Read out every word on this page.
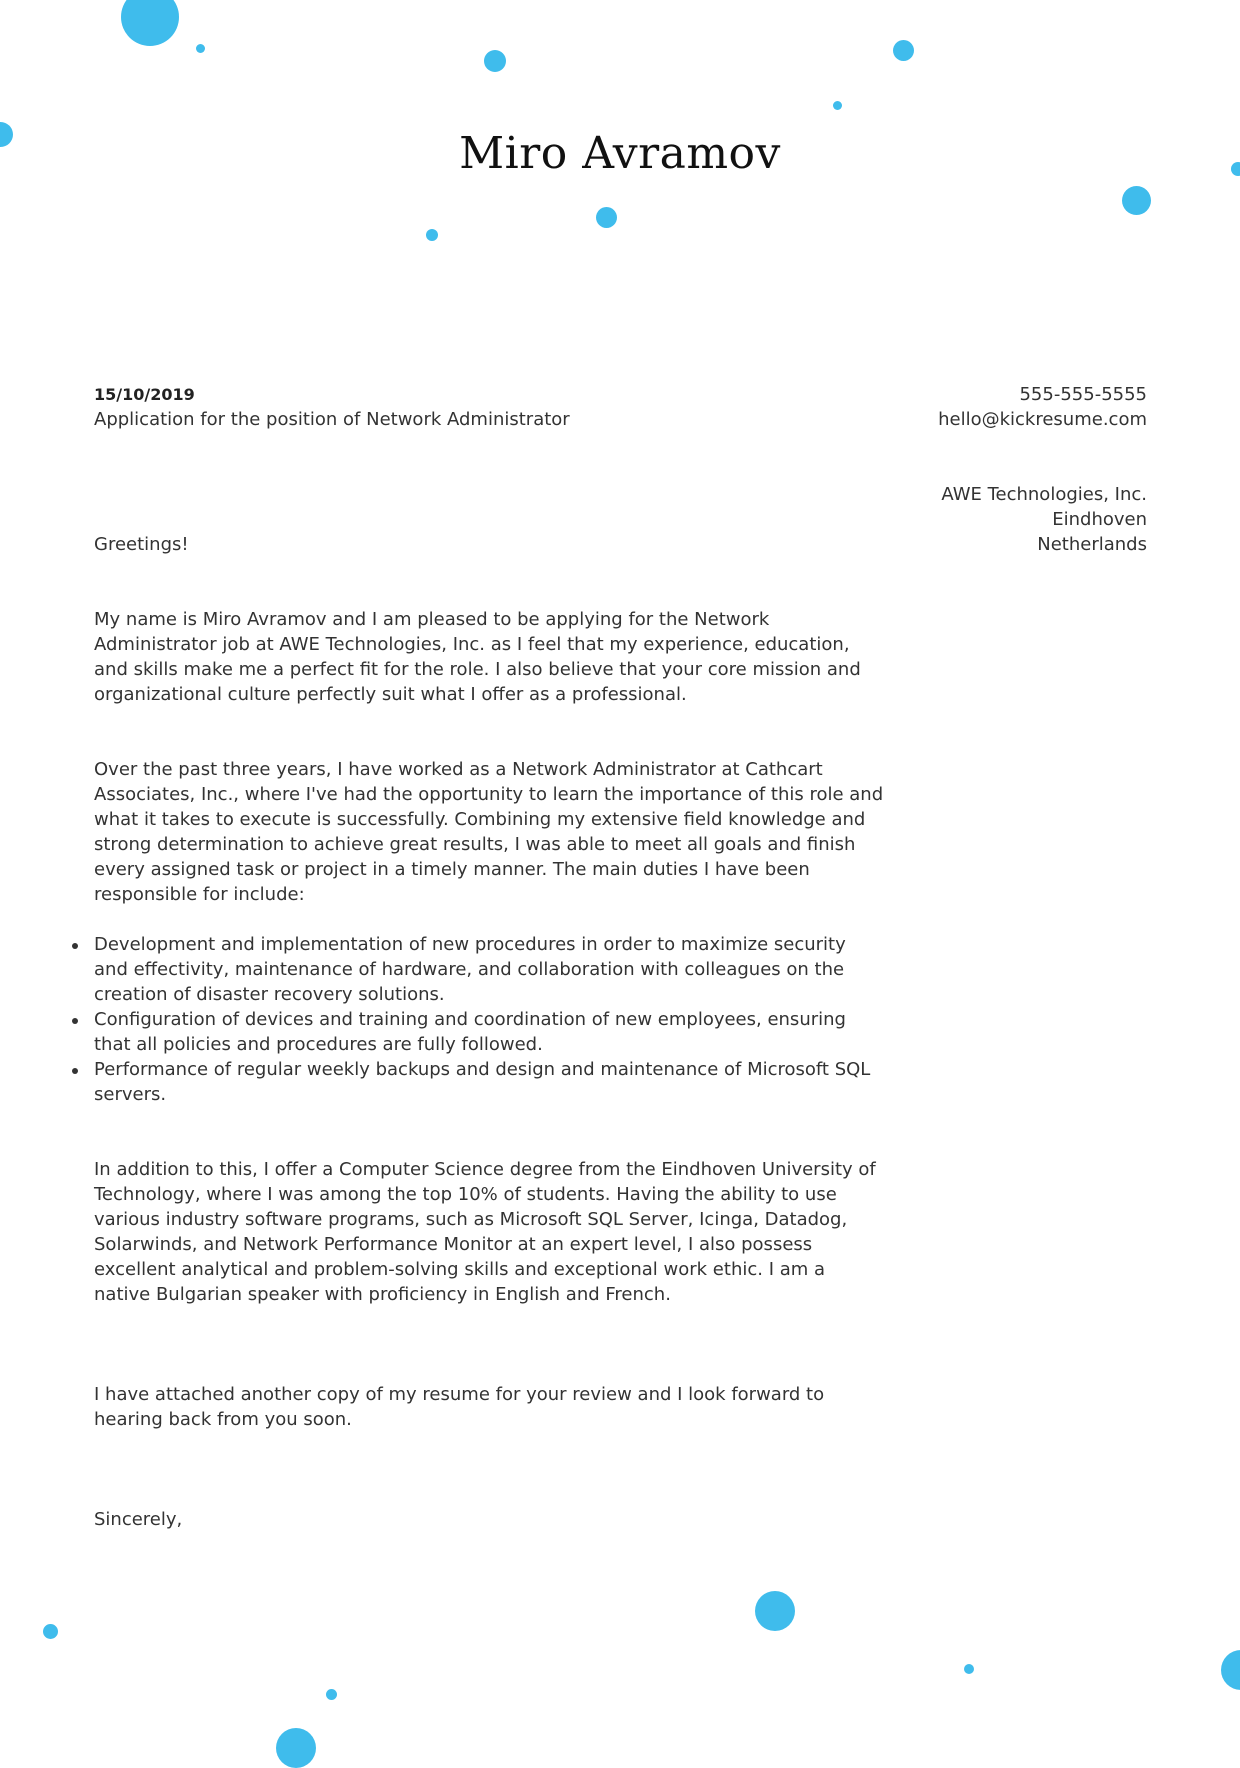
Miro Avramov
15/10/2019
Application for the position of Network Administrator
555-555-5555
hello@kickresume.com
AWE Technologies, Inc.
Eindhoven
Netherlands

Greetings!

My name is Miro Avramov and I am pleased to be applying for the Network Administrator job at AWE Technologies, Inc. as I feel that my experience, education, and skills make me a perfect fit for the role. I also believe that your core mission and organizational culture perfectly suit what I offer as a professional.

Over the past three years, I have worked as a Network Administrator at Cathcart Associates, Inc., where I've had the opportunity to learn the importance of this role and what it takes to execute is successfully. Combining my extensive field knowledge and strong determination to achieve great results, I was able to meet all goals and finish every assigned task or project in a timely manner. The main duties I have been responsible for include:

Development and implementation of new procedures in order to maximize security and effectivity, maintenance of hardware, and collaboration with colleagues on the creation of disaster recovery solutions.
Configuration of devices and training and coordination of new employees, ensuring that all policies and procedures are fully followed.
Performance of regular weekly backups and design and maintenance of Microsoft SQL servers.

In addition to this, I offer a Computer Science degree from the Eindhoven University of Technology, where I was among the top 10% of students. Having the ability to use various industry software programs, such as Microsoft SQL Server, Icinga, Datadog, Solarwinds, and Network Performance Monitor at an expert level, I also possess excellent analytical and problem-solving skills and exceptional work ethic. I am a native Bulgarian speaker with proficiency in English and French.

I have attached another copy of my resume for your review and I look forward to hearing back from you soon.

Sincerely,
